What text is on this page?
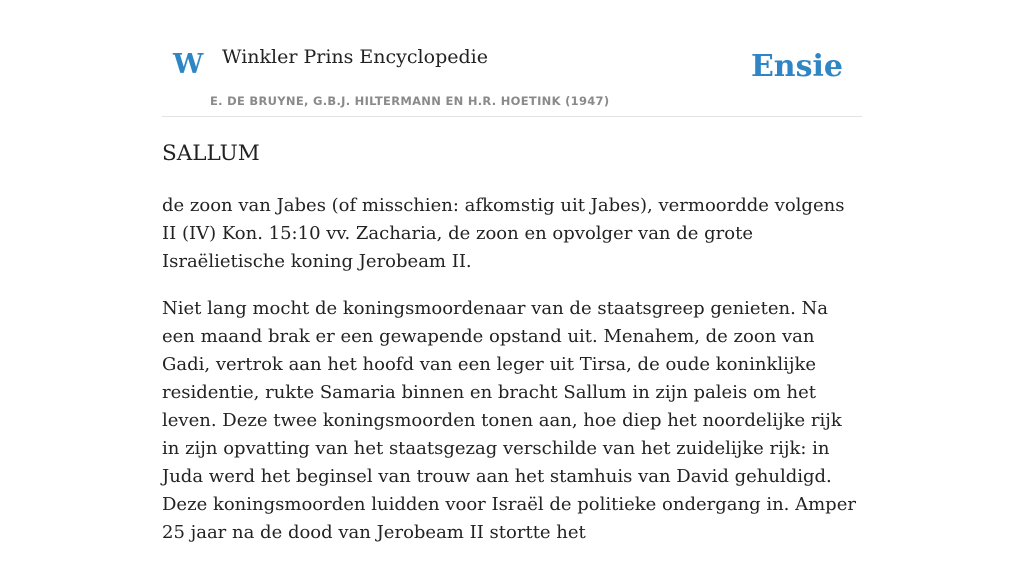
W Winkler Prins Encyclopedie
E. DE BRUYNE, G.B.J. HILTERMANN EN H.R. HOETINK (1947)
Ensie
SALLUM

de zoon van Jabes (of misschien: afkomstig uit Jabes), vermoordde volgens II (IV) Kon. 15:10 vv. Zacharia, de zoon en opvolger van de grote Israëlietische koning Jerobeam II.

Niet lang mocht de koningsmoordenaar van de staatsgreep genieten. Na een maand brak er een gewapende opstand uit. Menahem, de zoon van Gadi, vertrok aan het hoofd van een leger uit Tirsa, de oude koninklijke residentie, rukte Samaria binnen en bracht Sallum in zijn paleis om het leven. Deze twee koningsmoorden tonen aan, hoe diep het noordelijke rijk in zijn opvatting van het staatsgezag verschilde van het zuidelijke rijk: in Juda werd het beginsel van trouw aan het stamhuis van David gehuldigd. Deze koningsmoorden luidden voor Israël de politieke ondergang in. Amper 25 jaar na de dood van Jerobeam II stortte het
